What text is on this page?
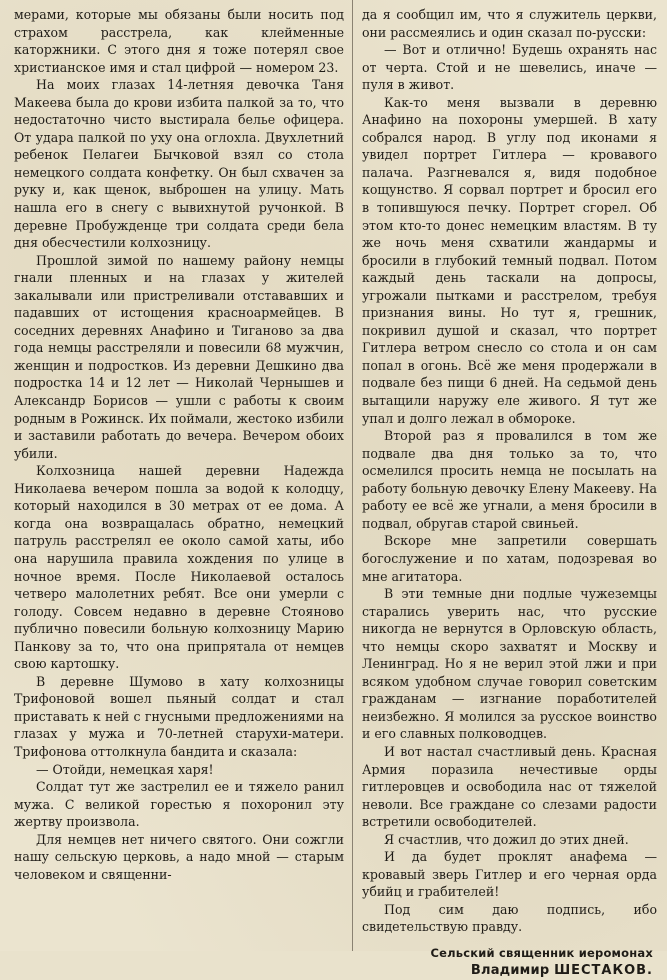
мерами, которые мы обязаны были носить под страхом расстрела, как клейменные каторжники. С этого дня я тоже потерял свое христианское имя и стал цифрой — номером 23.

На моих глазах 14-летняя девочка Таня Макеева была до крови избита палкой за то, что недостаточно чисто выстирала белье офицера. От удара палкой по уху она оглохла. Двухлетний ребенок Пелагеи Бычковой взял со стола немецкого солдата конфетку. Он был схвачен за руку и, как щенок, выброшен на улицу. Мать нашла его в снегу с вывихнутой ручонкой. В деревне Пробужденце три солдата среди бела дня обесчестили колхозницу.

Прошлой зимой по нашему району немцы гнали пленных и на глазах у жителей закалывали или пристреливали отстававших и падавших от истощения красноармейцев. В соседних деревнях Анафино и Тиганово за два года немцы расстреляли и повесили 68 мужчин, женщин и подростков. Из деревни Дешкино два подростка 14 и 12 лет — Николай Чернышев и Александр Борисов — ушли с работы к своим родным в Рожинск. Их поймали, жестоко избили и заставили работать до вечера. Вечером обоих убили.

Колхозница нашей деревни Надежда Николаева вечером пошла за водой к колодцу, который находился в 30 метрах от ее дома. А когда она возвращалась обратно, немецкий патруль расстрелял ее около самой хаты, ибо она нарушила правила хождения по улице в ночное время. После Николаевой осталось четверо малолетних ребят. Все они умерли с голоду. Совсем недавно в деревне Стояново публично повесили больную колхозницу Марию Панкову за то, что она припрятала от немцев свою картошку.

В деревне Шумово в хату колхозницы Трифоновой вошел пьяный солдат и стал приставать к ней с гнусными предложениями на глазах у мужа и 70-летней старухи-матери. Трифонова оттолкнула бандита и сказала:

— Отойди, немецкая харя!

Солдат тут же застрелил ее и тяжело ранил мужа. С великой горестью я похоронил эту жертву произвола.

Для немцев нет ничего святого. Они сожгли нашу сельскую церковь, а надо мной — старым человеком и священни-

да я сообщил им, что я служитель церкви, они рассмеялись и один сказал по-русски:

— Вот и отлично! Будешь охранять нас от черта. Стой и не шевелись, иначе — пуля в живот.

Как-то меня вызвали в деревню Анафино на похороны умершей. В хату собрался народ. В углу под иконами я увидел портрет Гитлера — кровавого палача. Разгневался я, видя подобное кощунство. Я сорвал портрет и бросил его в топившуюся печку. Портрет сгорел. Об этом кто-то донес немецким властям. В ту же ночь меня схватили жандармы и бросили в глубокий темный подвал. Потом каждый день таскали на допросы, угрожали пытками и расстрелом, требуя признания вины. Но тут я, грешник, покривил душой и сказал, что портрет Гитлера ветром снесло со стола и он сам попал в огонь. Всё же меня продержали в подвале без пищи 6 дней. На седьмой день вытащили наружу еле живого. Я тут же упал и долго лежал в обмороке.

Второй раз я провалился в том же подвале два дня только за то, что осмелился просить немца не посылать на работу больную девочку Елену Макееву. На работу ее всё же угнали, а меня бросили в подвал, обругав старой свиньей.

Вскоре мне запретили совершать богослужение и по хатам, подозревая во мне агитатора.

В эти темные дни подлые чужеземцы старались уверить нас, что русские никогда не вернутся в Орловскую область, что немцы скоро захватят и Москву и Ленинград. Но я не верил этой лжи и при всяком удобном случае говорил советским гражданам — изгнание поработителей неизбежно. Я молился за русское воинство и его славных полководцев.

И вот настал счастливый день. Красная Армия поразила нечестивые орды гитлеровцев и освободила нас от тяжелой неволи. Все граждане со слезами радости встретили освободителей.

Я счастлив, что дожил до этих дней.

И да будет проклят анафема — кровавый зверь Гитлер и его черная орда убийц и грабителей!

Под сим даю подпись, ибо свидетельствую правду.

Сельский священник иеромонах
Владимир ШЕСТАКОВ.
